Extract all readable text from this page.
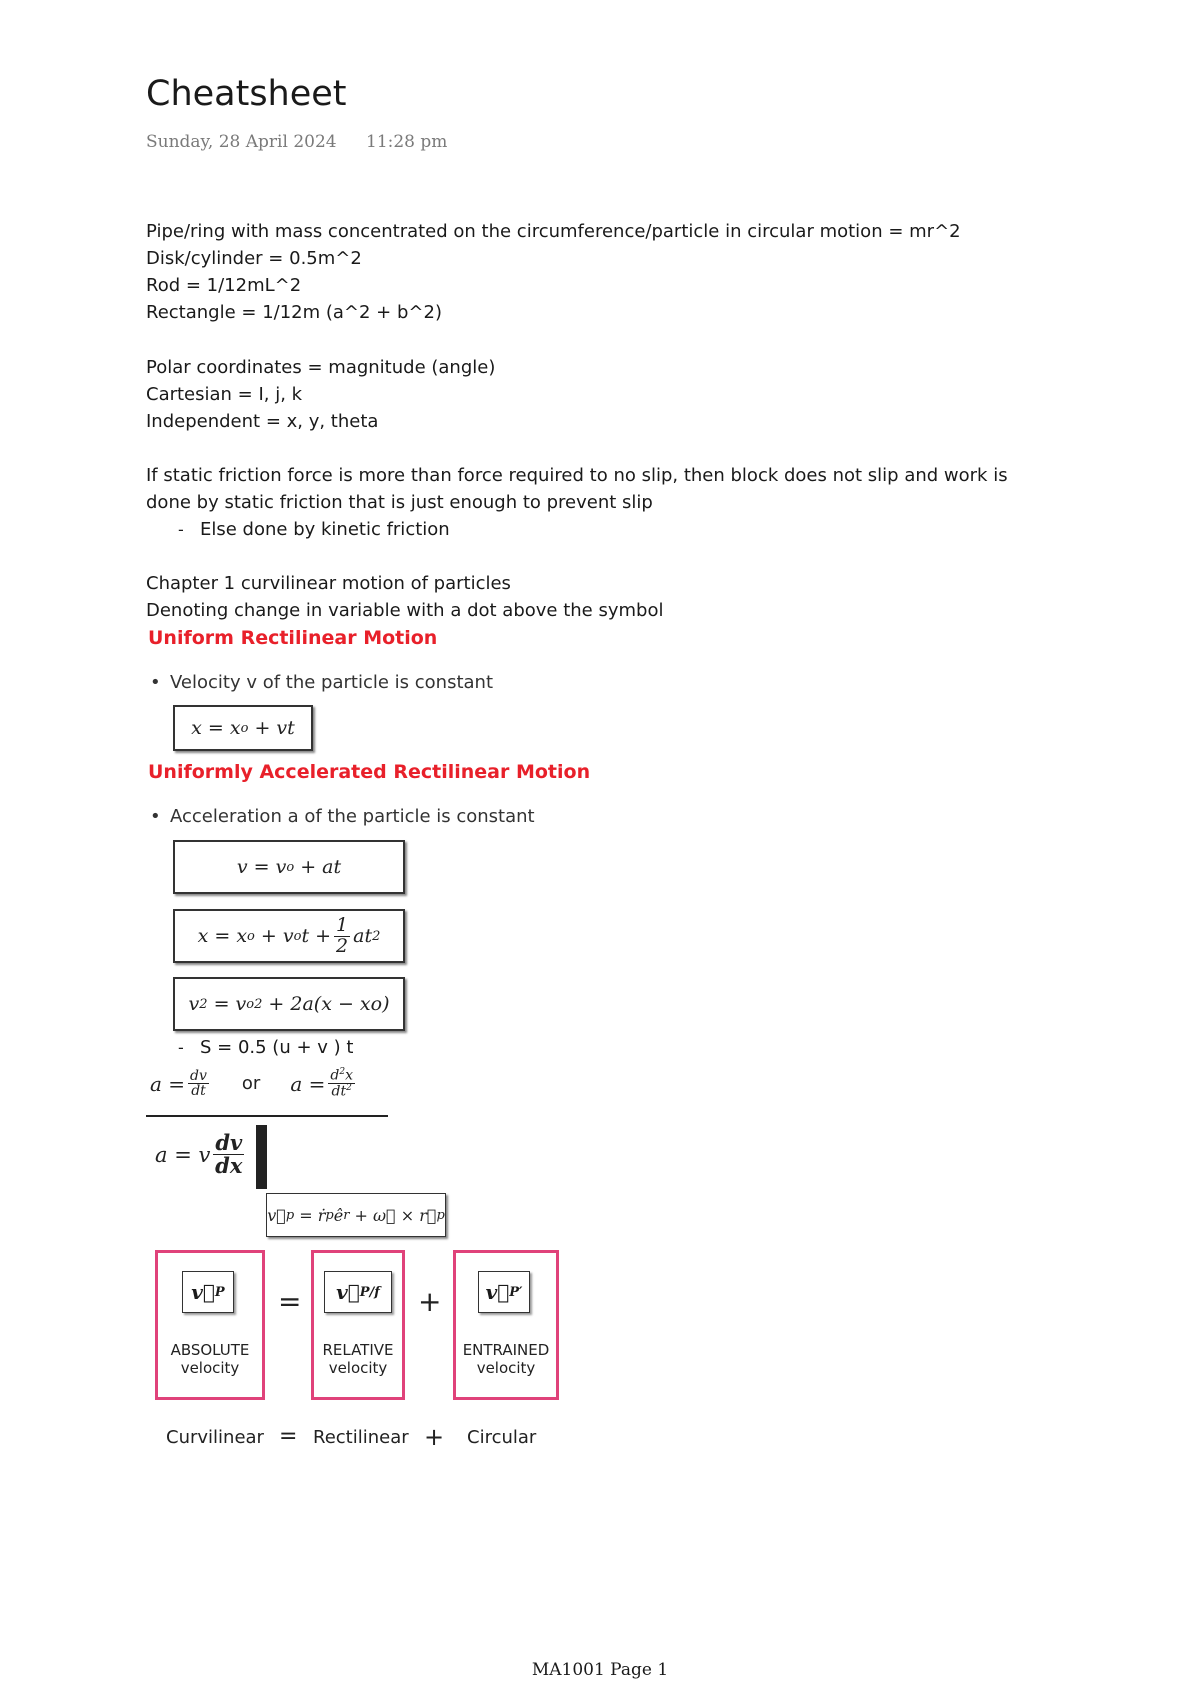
Cheatsheet
Sunday, 28 April 2024 11:28 pm
Pipe/ring with mass concentrated on the circumference/particle in circular motion = mr^2
Disk/cylinder = 0.5m^2
Rod = 1/12mL^2
Rectangle = 1/12m (a^2 + b^2)
Polar coordinates = magnitude (angle)
Cartesian = I, j, k
Independent = x, y, theta
If static friction force is more than force required to no slip, then block does not slip and work is
done by static friction that is just enough to prevent slip
- Else done by kinetic friction
Chapter 1 curvilinear motion of particles
Denoting change in variable with a dot above the symbol
Uniform Rectilinear Motion
• Velocity v of the particle is constant
x = x o + vt
Uniformly Accelerated Rectilinear Motion
• Acceleration a of the particle is constant
v = v o + at
x = x o + v o $t + \frac{1}{2}$ at 2
v 2 = v o 2 + 2a(x − xo)
- S = 0.5 (u + v ) t
$a = \frac{dv}{dt}$ or $a = \frac{d^2x}{dt^2}$
a = v $\frac{dv}{dx}$
v⃗ p = ṙ p ê r + ω⃗ × r⃗ p
v⃗ P
ABSOLUTE
velocity
=	v⃗ P/f
RELATIVE
velocity
+	v⃗ P′
ENTRAINED
velocity
Curvilinear = Rectilinear + Circular
MA1001 Page 1
